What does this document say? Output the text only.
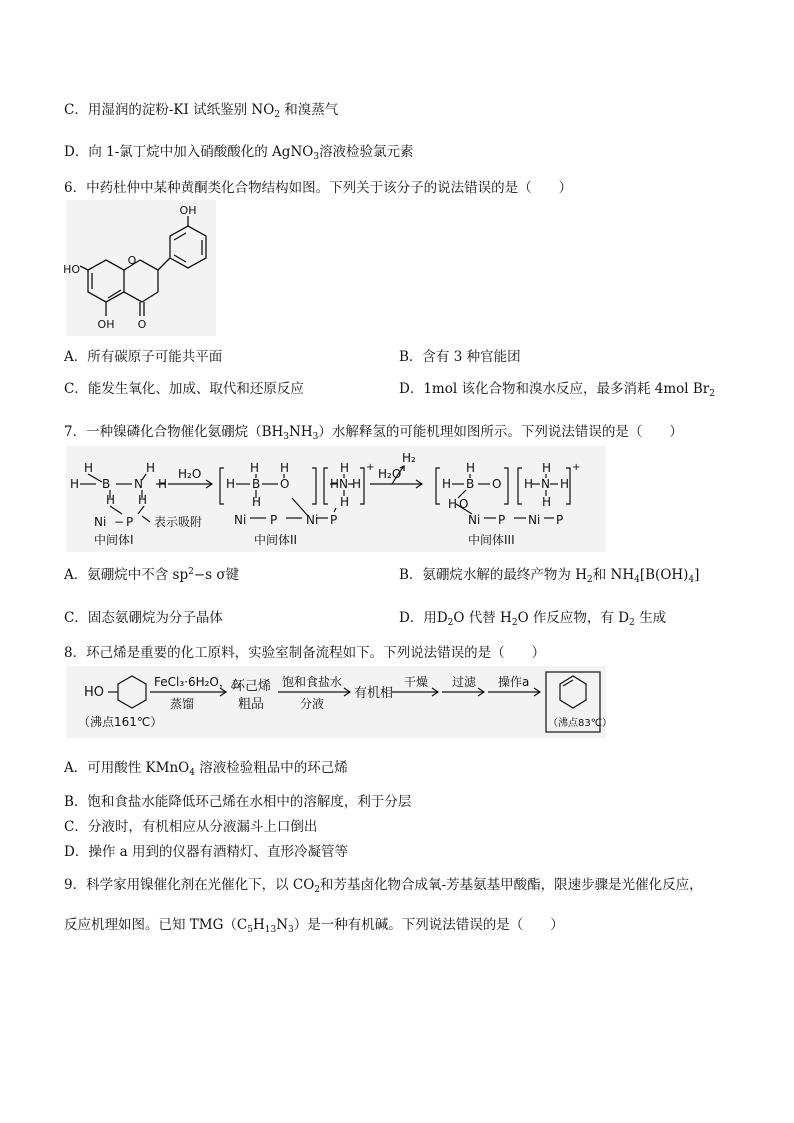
C．用湿润的淀粉-KI 试纸鉴别 $NO_2$ 和溴蒸气
D．向 1-氯丁烷中加入硝酸酸化的 AgNO$_3$溶液检验氯元素
6．中药杜仲中某种黄酮类化合物结构如图。下列关于该分子的说法错误的是（　　）
OH
HO
OH
O
O
A．所有碳原子可能共平面	B．含有 3 种官能团
C．能发生氧化、加成、取代和还原反应	D．1mol 该化合物和溴水反应，最多消耗 4mol $Br_2$
7．一种镍磷化合物催化氨硼烷$(BH_3NH_3)$水解释氢的可能机理如图所示。下列说法错误的是（　　）
H
H B N
H
H
H H
Ni − P 表示吸附
中间体I
H₂O
H
H
B
H
H
O	H N
H
H
H
+
Ni P Ni P
中间体II
H₂O
H₂
H
H
B O
H O
H N
H
H
H
+
Ni P Ni P
中间体III
A．氨硼烷中不含 $sp^2-s$ σ键	B．氨硼烷水解的最终产物为 $H_2$和 $NH_4[B(OH)_4]$
C．固态氨硼烷为分子晶体	D．用$D_2O$ 代替 $H_2O$ 作反应物，有 $D_2$ 生成
8．环己烯是重要的化工原料，实验室制备流程如下。下列说法错误的是（　　）
HO
（沸点161℃）
FeCl₃·6H₂O，△
蒸馏
环己烯
粗品
饱和食盐水
分液
有机相
干燥 过滤 操作a
（沸点83℃）
A．可用酸性 KMnO$_4$ 溶液检验粗品中的环己烯
B．饱和食盐水能降低环己烯在水相中的溶解度，利于分层
C．分液时，有机相应从分液漏斗上口倒出
D．操作 a 用到的仪器有酒精灯、直形冷凝管等
9．科学家用镍催化剂在光催化下，以 $CO_2$和芳基卤化物合成氧-芳基氨基甲酸酯，限速步骤是光催化反应，
反应机理如图。已知 $TMG(C_5H_{13}N_3)$是一种有机碱。下列说法错误的是（　　）
